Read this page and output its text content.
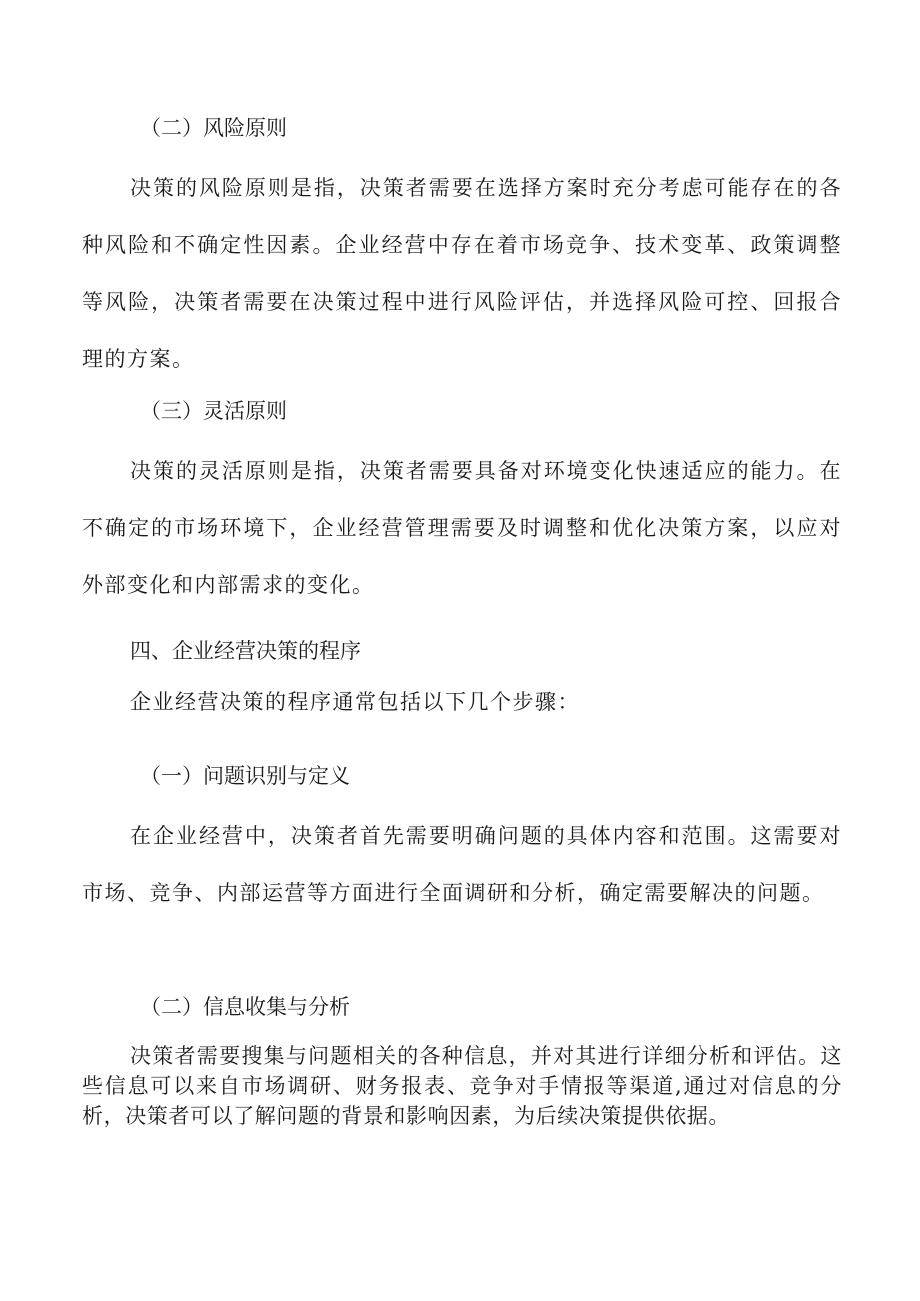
（二）风险原则
决策的风险原则是指，决策者需要在选择方案时充分考虑可能存在的各种风险和不确定性因素。企业经营中存在着市场竞争、技术变革、政策调整等风险，决策者需要在决策过程中进行风险评估，并选择风险可控、回报合理的方案。
（三）灵活原则
决策的灵活原则是指，决策者需要具备对环境变化快速适应的能力。在不确定的市场环境下，企业经营管理需要及时调整和优化决策方案，以应对外部变化和内部需求的变化。
四、企业经营决策的程序
企业经营决策的程序通常包括以下几个步骤：
（一）问题识别与定义
在企业经营中，决策者首先需要明确问题的具体内容和范围。这需要对市场、竞争、内部运营等方面进行全面调研和分析，确定需要解决的问题。
（二）信息收集与分析
决策者需要搜集与问题相关的各种信息，并对其进行详细分析和评估。这些信息可以来自市场调研、财务报表、竞争对手情报等渠道,通过对信息的分析，决策者可以了解问题的背景和影响因素，为后续决策提供依据。
